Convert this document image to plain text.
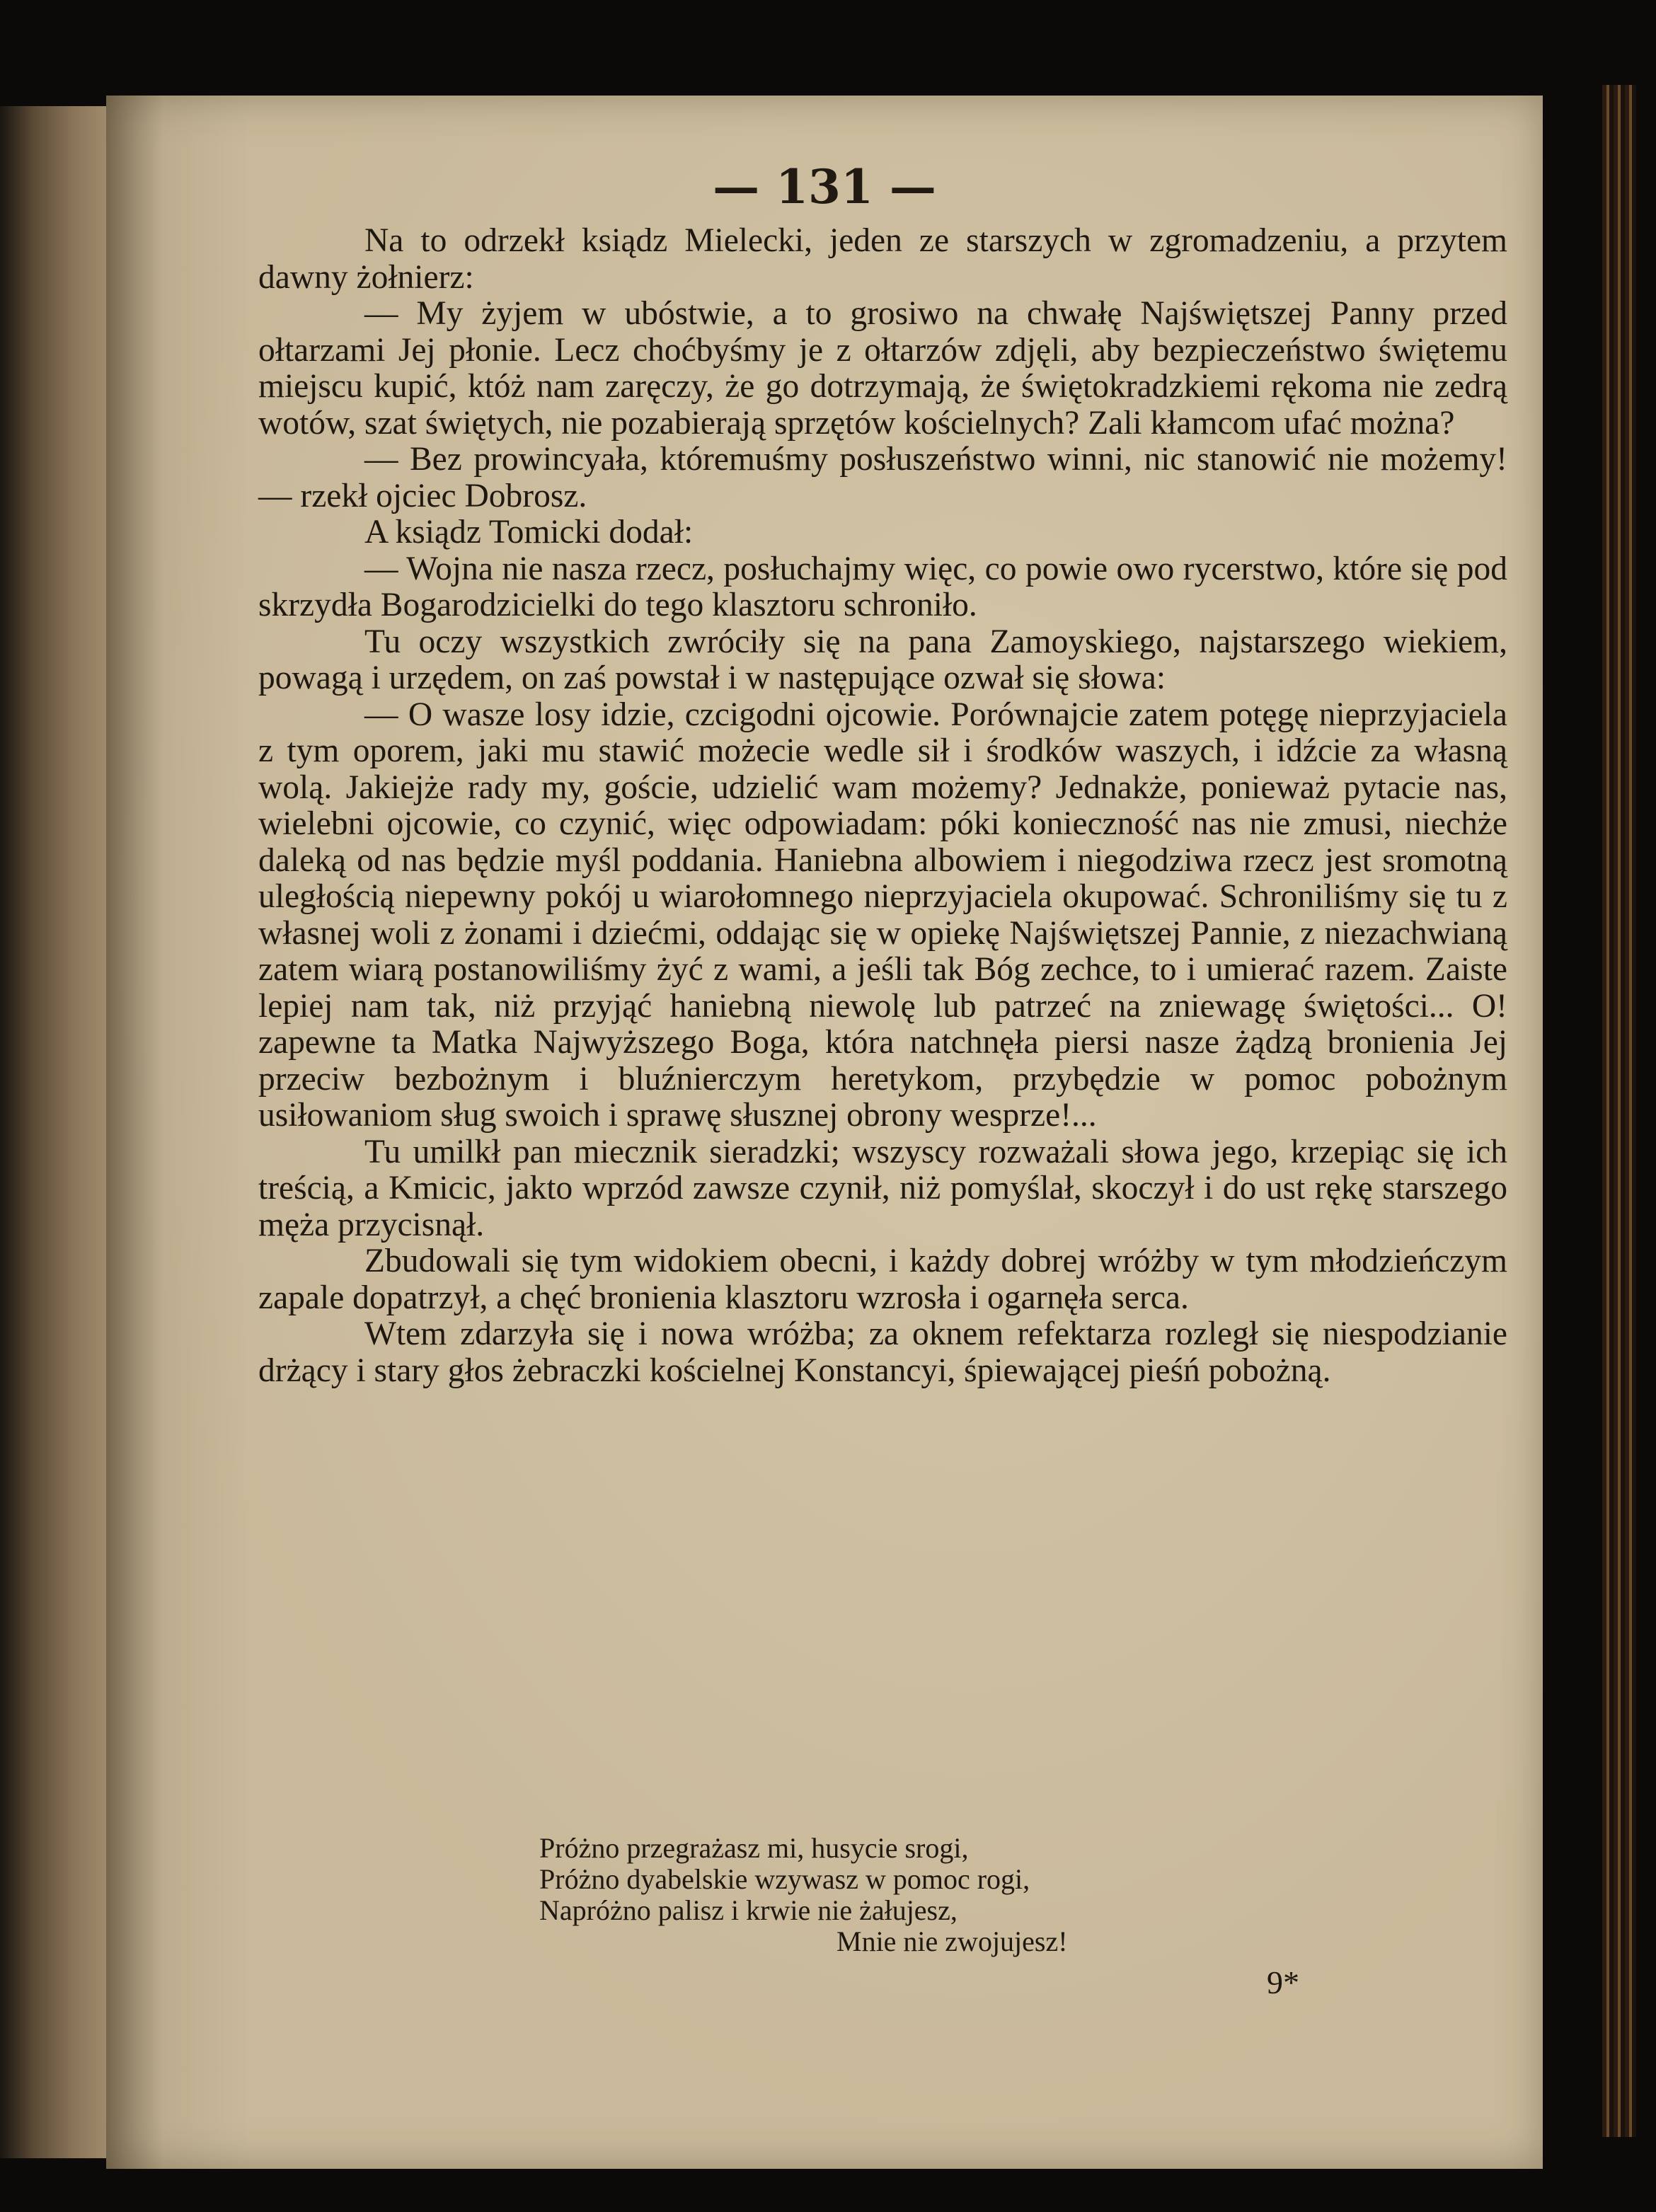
— 131 —

Na to odrzekł ksiądz Mielecki, jeden ze starszych w zgromadzeniu, a przytem dawny żołnierz:

— My żyjem w ubóstwie, a to grosiwo na chwałę Najświętszej Panny przed ołtarzami Jej płonie. Lecz choćbyśmy je z ołtarzów zdjęli, aby bezpieczeństwo świętemu miejscu kupić, któż nam zaręczy, że go dotrzymają, że świętokradzkiemi rękoma nie zedrą wotów, szat świętych, nie pozabierają sprzętów kościelnych? Zali kłamcom ufać można?

— Bez prowincyała, któremuśmy posłuszeństwo winni, nic stanowić nie możemy! — rzekł ojciec Dobrosz.

A ksiądz Tomicki dodał:

— Wojna nie nasza rzecz, posłuchajmy więc, co powie owo rycerstwo, które się pod skrzydła Bogarodzicielki do tego klasztoru schroniło.

Tu oczy wszystkich zwróciły się na pana Zamoyskiego, najstarszego wiekiem, powagą i urzędem, on zaś powstał i w następujące ozwał się słowa:

— O wasze losy idzie, czcigodni ojcowie. Porównajcie zatem potęgę nieprzyjaciela z tym oporem, jaki mu stawić możecie wedle sił i środków waszych, i idźcie za własną wolą. Jakiejże rady my, goście, udzielić wam możemy? Jednakże, ponieważ pytacie nas, wielebni ojcowie, co czynić, więc odpowiadam: póki konieczność nas nie zmusi, niechże daleką od nas będzie myśl poddania. Haniebna albowiem i niegodziwa rzecz jest sromotną uległością niepewny pokój u wiarołomnego nieprzyjaciela okupować. Schroniliśmy się tu z własnej woli z żonami i dziećmi, oddając się w opiekę Najświętszej Pannie, z niezachwianą zatem wiarą postanowiliśmy żyć z wami, a jeśli tak Bóg zechce, to i umierać razem. Zaiste lepiej nam tak, niż przyjąć haniebną niewolę lub patrzeć na zniewagę świętości... O! zapewne ta Matka Najwyższego Boga, która natchnęła piersi nasze żądzą bronienia Jej przeciw bezbożnym i bluźnierczym heretykom, przybędzie w pomoc pobożnym usiłowaniom sług swoich i sprawę słusznej obrony wesprze!...

Tu umilkł pan miecznik sieradzki; wszyscy rozważali słowa jego, krzepiąc się ich treścią, a Kmicic, jakto wprzód zawsze czynił, niż pomyślał, skoczył i do ust rękę starszego męża przycisnął.

Zbudowali się tym widokiem obecni, i każdy dobrej wróżby w tym młodzieńczym zapale dopatrzył, a chęć bronienia klasztoru wzrosła i ogarnęła serca.

Wtem zdarzyła się i nowa wróżba; za oknem refektarza rozległ się niespodzianie drżący i stary głos żebraczki kościelnej Konstancyi, śpiewającej pieśń pobożną.

Próżno przegrażasz mi, husycie srogi,
Próżno dyabelskie wzywasz w pomoc rogi,
Napróżno palisz i krwie nie żałujesz,
Mnie nie zwojujesz!
9*
